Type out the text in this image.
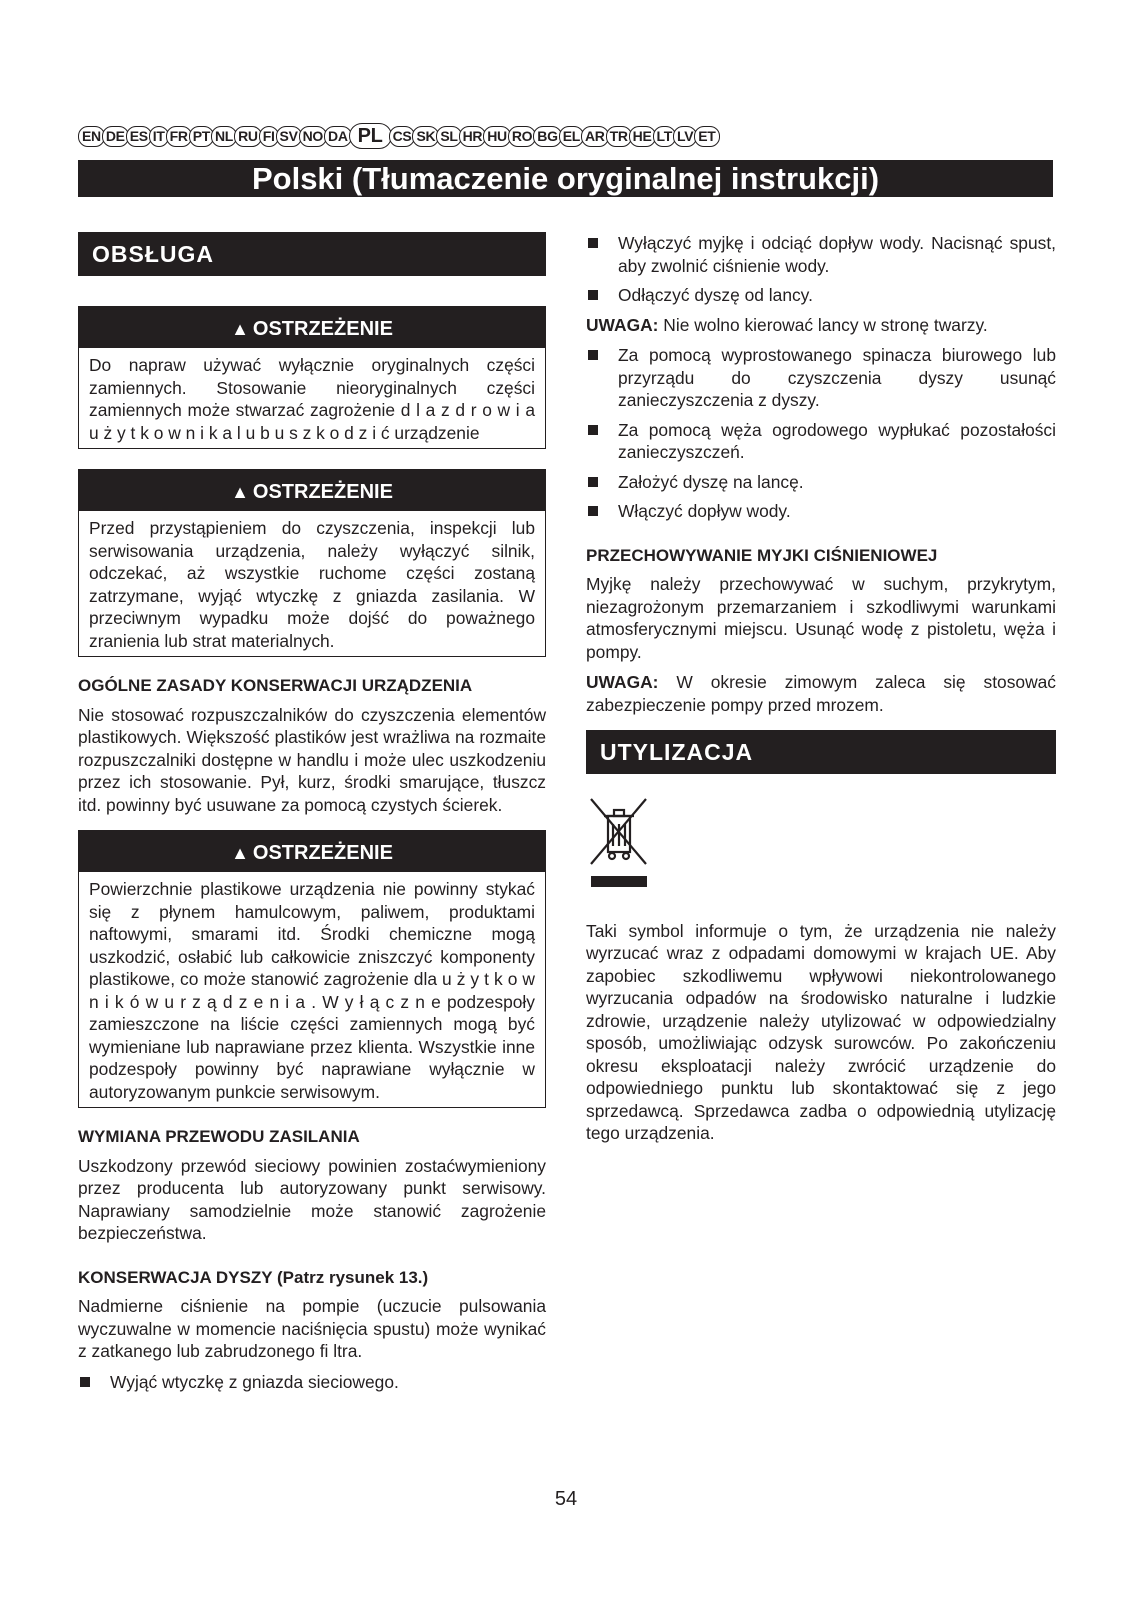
EN DE ES IT FR PT NL RU FI SV NO DA PL CS SK SL HR HU RO BG EL AR TR HE LT LV ET
Polski (Tłumaczenie oryginalnej instrukcji)
OBSŁUGA
▲ OSTRZEŻENIE
Do napraw używać wyłącznie oryginalnych części zamiennych. Stosowanie nieoryginalnych części zamiennych może stwarzać zagrożenie d l a z d r o w i a u ż y t k o w n i k a l u b u s z k o d z i ć urządzenie
▲ OSTRZEŻENIE
Przed przystąpieniem do czyszczenia, inspekcji lub serwisowania urządzenia, należy wyłączyć silnik, odczekać, aż wszystkie ruchome części zostaną zatrzymane, wyjąć wtyczkę z gniazda zasilania. W przeciwnym wypadku może dojść do poważnego zranienia lub strat materialnych.
OGÓLNE ZASADY KONSERWACJI URZĄDZENIA

Nie stosować rozpuszczalników do czyszczenia elementów plastikowych. Większość plastików jest wrażliwa na rozmaite rozpuszczalniki dostępne w handlu i może ulec uszkodzeniu przez ich stosowanie. Pył, kurz, środki smarujące, tłuszcz itd. powinny być usuwane za pomocą czystych ścierek.

▲ OSTRZEŻENIE
Powierzchnie plastikowe urządzenia nie powinny stykać się z płynem hamulcowym, paliwem, produktami naftowymi, smarami itd. Środki chemiczne mogą uszkodzić, osłabić lub całkowicie zniszczyć komponenty plastikowe, co może stanowić zagrożenie dla u ż y t k o w n i k ó w u r z ą d z e n i a . W y ł ą c z n e podzespoły zamieszczone na liście części zamiennych mogą być wymieniane lub naprawiane przez klienta. Wszystkie inne podzespoły powinny być naprawiane wyłącznie w autoryzowanym punkcie serwisowym.
WYMIANA PRZEWODU ZASILANIA

Uszkodzony przewód sieciowy powinien zostaćwymieniony przez producenta lub autoryzowany punkt serwisowy. Naprawiany samodzielnie może stanowić zagrożenie bezpieczeństwa.

KONSERWACJA DYSZY (Patrz rysunek 13.)

Nadmierne ciśnienie na pompie (uczucie pulsowania wyczuwalne w momencie naciśnięcia spustu) może wynikać z zatkanego lub zabrudzonego fi ltra.

Wyjąć wtyczkę z gniazda sieciowego.
Wyłączyć myjkę i odciąć dopływ wody. Nacisnąć spust, aby zwolnić ciśnienie wody.
Odłączyć dyszę od lancy.

UWAGA: Nie wolno kierować lancy w stronę twarzy.

Za pomocą wyprostowanego spinacza biurowego lub przyrządu do czyszczenia dyszy usunąć zanieczyszczenia z dyszy.
Za pomocą węża ogrodowego wypłukać pozostałości zanieczyszczeń.
Założyć dyszę na lancę.
Włączyć dopływ wody.
PRZECHOWYWANIE MYJKI CIŚNIENIOWEJ

Myjkę należy przechowywać w suchym, przykrytym, niezagrożonym przemarzaniem i szkodliwymi warunkami atmosferycznymi miejscu. Usunąć wodę z pistoletu, węża i pompy.

UWAGA: W okresie zimowym zaleca się stosować zabezpieczenie pompy przed mrozem.

UTYLIZACJA

Taki symbol informuje o tym, że urządzenia nie należy wyrzucać wraz z odpadami domowymi w krajach UE. Aby zapobiec szkodliwemu wpływowi niekontrolowanego wyrzucania odpadów na środowisko naturalne i ludzkie zdrowie, urządzenie należy utylizować w odpowiedzialny sposób, umożliwiając odzysk surowców. Po zakończeniu okresu eksploatacji należy zwrócić urządzenie do odpowiedniego punktu lub skontaktować się z jego sprzedawcą. Sprzedawca zadba o odpowiednią utylizację tego urządzenia.

54
